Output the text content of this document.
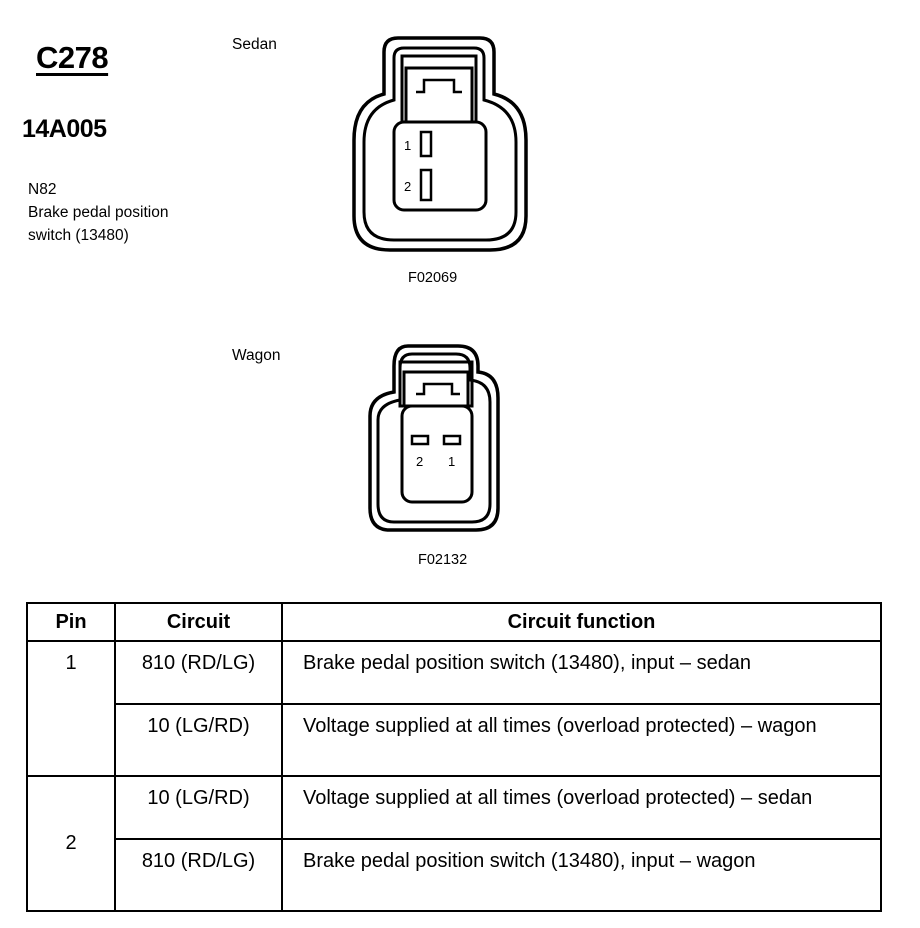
C278
14A005
N82
Brake pedal position
switch (13480)
Sedan
1
2
F02069
Wagon
2 1
F02132
Pin	Circuit	Circuit function
1	810 (RD/LG)	Brake pedal position switch (13480), input – sedan
	10 (LG/RD)	Voltage supplied at all times (overload protected) – wagon
2	10 (LG/RD)	Voltage supplied at all times (overload protected) – sedan
	810 (RD/LG)	Brake pedal position switch (13480), input – wagon
